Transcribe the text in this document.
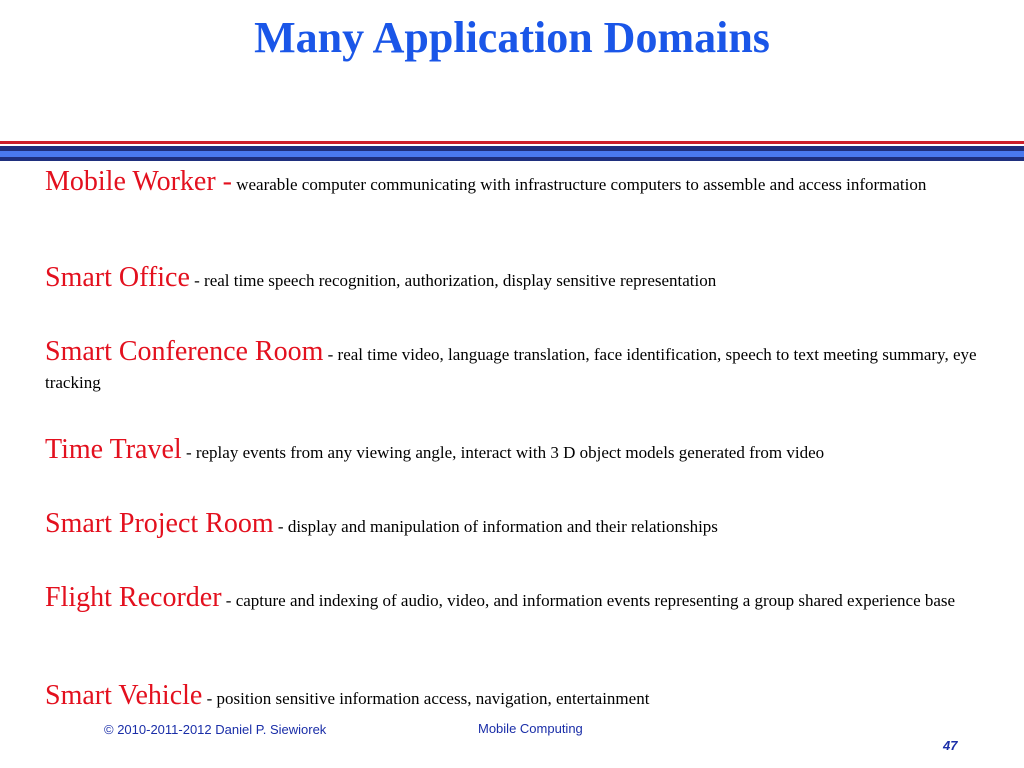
Many Application Domains

Mobile Worker - wearable computer communicating with infrastructure computers to assemble and access information

Smart Office - real time speech recognition, authorization, display sensitive representation

Smart Conference Room - real time video, language translation, face identification, speech to text meeting summary, eye tracking

Time Travel - replay events from any viewing angle, interact with 3 D object models generated from video

Smart Project Room - display and manipulation of information and their relationships

Flight Recorder - capture and indexing of audio, video, and information events representing a group shared experience base

Smart Vehicle - position sensitive information access, navigation, entertainment

© 2010-2011-2012 Daniel P. Siewiorek	Mobile Computing
47
